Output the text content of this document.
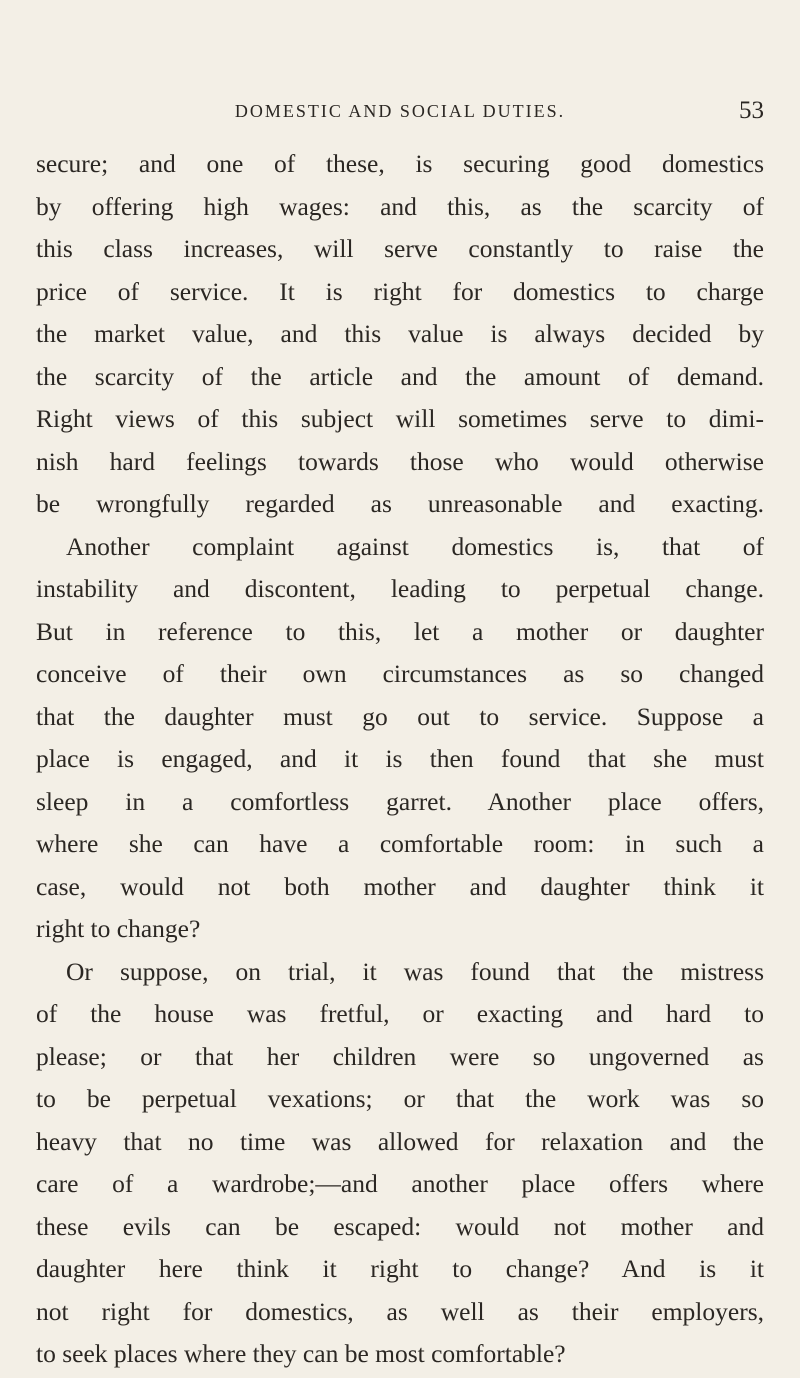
DOMESTIC AND SOCIAL DUTIES.	53
secure; and one of these, is securing good domestics
by offering high wages: and this, as the scarcity of
this class increases, will serve constantly to raise the
price of service. It is right for domestics to charge
the market value, and this value is always decided by
the scarcity of the article and the amount of demand.
Right views of this subject will sometimes serve to dimi-
nish hard feelings towards those who would otherwise
be wrongfully regarded as unreasonable and exacting.
Another complaint against domestics is, that of
instability and discontent, leading to perpetual change.
But in reference to this, let a mother or daughter
conceive of their own circumstances as so changed
that the daughter must go out to service. Suppose a
place is engaged, and it is then found that she must
sleep in a comfortless garret. Another place offers,
where she can have a comfortable room: in such a
case, would not both mother and daughter think it
right to change?
Or suppose, on trial, it was found that the mistress
of the house was fretful, or exacting and hard to
please; or that her children were so ungoverned as
to be perpetual vexations; or that the work was so
heavy that no time was allowed for relaxation and the
care of a wardrobe;—and another place offers where
these evils can be escaped: would not mother and
daughter here think it right to change? And is it
not right for domestics, as well as their employers,
to seek places where they can be most comfortable?
